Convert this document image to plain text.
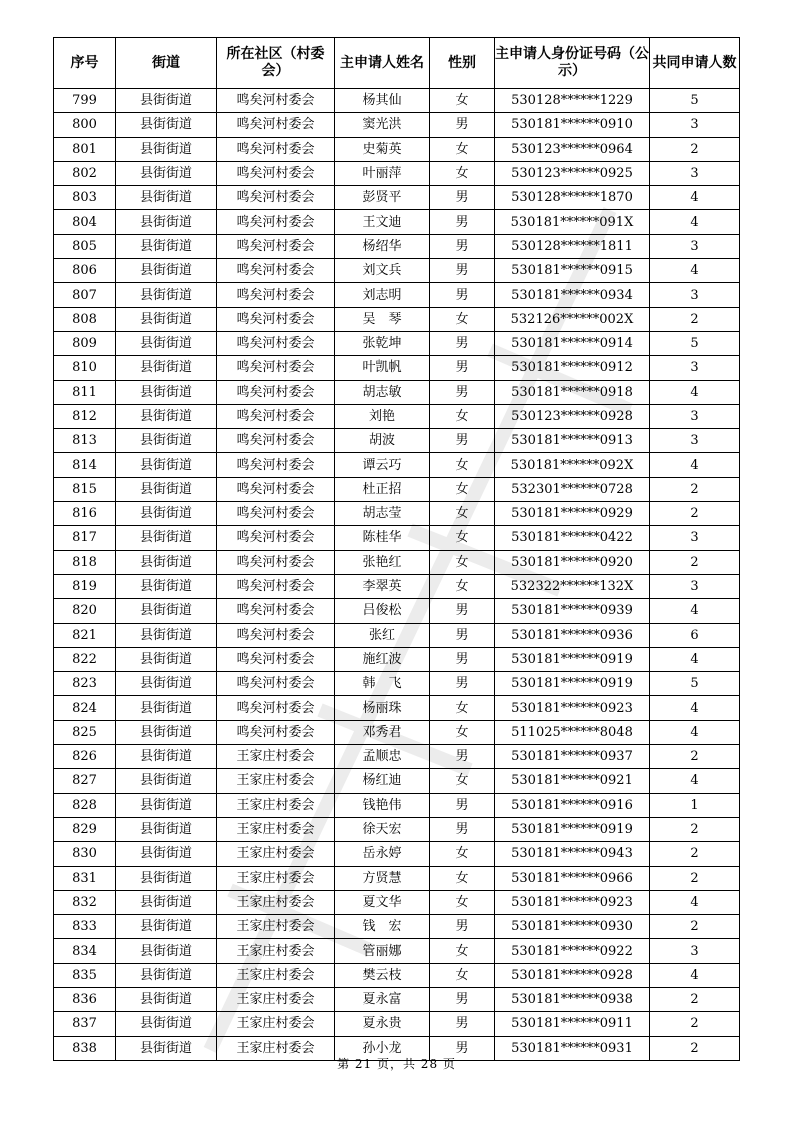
序号	街道	所在社区（村委会）	主申请人姓名	性别	主申请人身份证号码（公示）	共同申请人数
799	县街街道	鸣矣河村委会	杨其仙	女	530128******1229	5
800	县街街道	鸣矣河村委会	窦光洪	男	530181******0910	3
801	县街街道	鸣矣河村委会	史菊英	女	530123******0964	2
802	县街街道	鸣矣河村委会	叶丽萍	女	530123******0925	3
803	县街街道	鸣矣河村委会	彭贤平	男	530128******1870	4
804	县街街道	鸣矣河村委会	王文迪	男	530181******091X	4
805	县街街道	鸣矣河村委会	杨绍华	男	530128******1811	3
806	县街街道	鸣矣河村委会	刘文兵	男	530181******0915	4
807	县街街道	鸣矣河村委会	刘志明	男	530181******0934	3
808	县街街道	鸣矣河村委会	吴　琴	女	532126******002X	2
809	县街街道	鸣矣河村委会	张乾坤	男	530181******0914	5
810	县街街道	鸣矣河村委会	叶凯帆	男	530181******0912	3
811	县街街道	鸣矣河村委会	胡志敏	男	530181******0918	4
812	县街街道	鸣矣河村委会	刘艳	女	530123******0928	3
813	县街街道	鸣矣河村委会	胡波	男	530181******0913	3
814	县街街道	鸣矣河村委会	谭云巧	女	530181******092X	4
815	县街街道	鸣矣河村委会	杜正招	女	532301******0728	2
816	县街街道	鸣矣河村委会	胡志莹	女	530181******0929	2
817	县街街道	鸣矣河村委会	陈桂华	女	530181******0422	3
818	县街街道	鸣矣河村委会	张艳红	女	530181******0920	2
819	县街街道	鸣矣河村委会	李翠英	女	532322******132X	3
820	县街街道	鸣矣河村委会	吕俊松	男	530181******0939	4
821	县街街道	鸣矣河村委会	张红	男	530181******0936	6
822	县街街道	鸣矣河村委会	施红波	男	530181******0919	4
823	县街街道	鸣矣河村委会	韩　飞	男	530181******0919	5
824	县街街道	鸣矣河村委会	杨丽珠	女	530181******0923	4
825	县街街道	鸣矣河村委会	邓秀君	女	511025******8048	4
826	县街街道	王家庄村委会	孟顺忠	男	530181******0937	2
827	县街街道	王家庄村委会	杨红迪	女	530181******0921	4
828	县街街道	王家庄村委会	钱艳伟	男	530181******0916	1
829	县街街道	王家庄村委会	徐天宏	男	530181******0919	2
830	县街街道	王家庄村委会	岳永婷	女	530181******0943	2
831	县街街道	王家庄村委会	方贤慧	女	530181******0966	2
832	县街街道	王家庄村委会	夏文华	女	530181******0923	4
833	县街街道	王家庄村委会	钱　宏	男	530181******0930	2
834	县街街道	王家庄村委会	管丽娜	女	530181******0922	3
835	县街街道	王家庄村委会	樊云枝	女	530181******0928	4
836	县街街道	王家庄村委会	夏永富	男	530181******0938	2
837	县街街道	王家庄村委会	夏永贵	男	530181******0911	2
838	县街街道	王家庄村委会	孙小龙	男	530181******0931	2
第 21 页，共 28 页
